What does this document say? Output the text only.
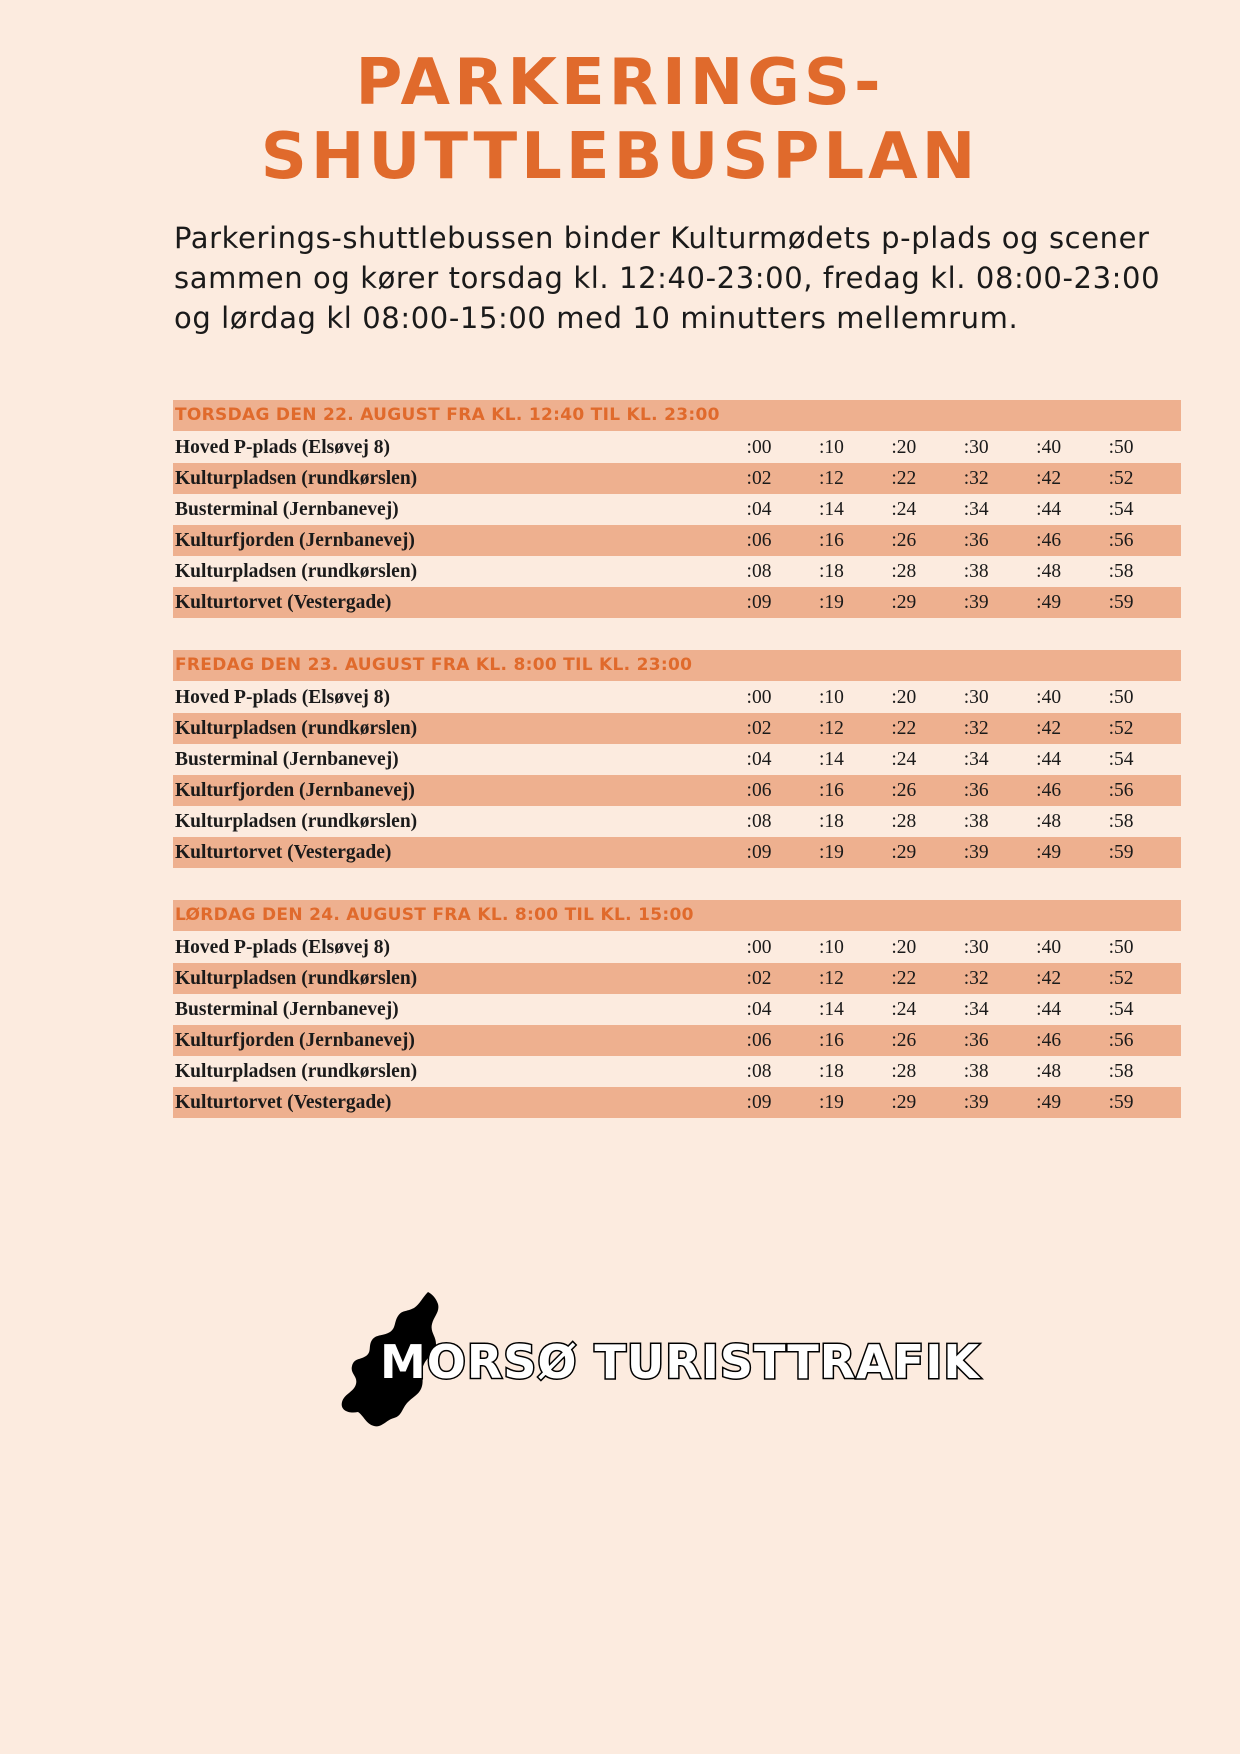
PARKERINGS-
SHUTTLEBUSPLAN

Parkerings-shuttlebussen binder Kulturmødets p-plads og scener sammen og kører torsdag kl. 12:40-23:00, fredag kl. 08:00-23:00 og lørdag kl 08:00-15:00 med 10 minutters mellemrum.

TORSDAG DEN 22. AUGUST FRA KL. 12:40 TIL KL. 23:00
Hoved P-plads (Elsøvej 8)	:00	:10	:20	:30	:40	:50
Kulturpladsen (rundkørslen)	:02	:12	:22	:32	:42	:52
Busterminal (Jernbanevej)	:04	:14	:24	:34	:44	:54
Kulturfjorden (Jernbanevej)	:06	:16	:26	:36	:46	:56
Kulturpladsen (rundkørslen)	:08	:18	:28	:38	:48	:58
Kulturtorvet (Vestergade)	:09	:19	:29	:39	:49	:59
FREDAG DEN 23. AUGUST FRA KL. 8:00 TIL KL. 23:00
Hoved P-plads (Elsøvej 8)	:00	:10	:20	:30	:40	:50
Kulturpladsen (rundkørslen)	:02	:12	:22	:32	:42	:52
Busterminal (Jernbanevej)	:04	:14	:24	:34	:44	:54
Kulturfjorden (Jernbanevej)	:06	:16	:26	:36	:46	:56
Kulturpladsen (rundkørslen)	:08	:18	:28	:38	:48	:58
Kulturtorvet (Vestergade)	:09	:19	:29	:39	:49	:59
LØRDAG DEN 24. AUGUST FRA KL. 8:00 TIL KL. 15:00
Hoved P-plads (Elsøvej 8)	:00	:10	:20	:30	:40	:50
Kulturpladsen (rundkørslen)	:02	:12	:22	:32	:42	:52
Busterminal (Jernbanevej)	:04	:14	:24	:34	:44	:54
Kulturfjorden (Jernbanevej)	:06	:16	:26	:36	:46	:56
Kulturpladsen (rundkørslen)	:08	:18	:28	:38	:48	:58
Kulturtorvet (Vestergade)	:09	:19	:29	:39	:49	:59
MORSØ TURISTTRAFIK
